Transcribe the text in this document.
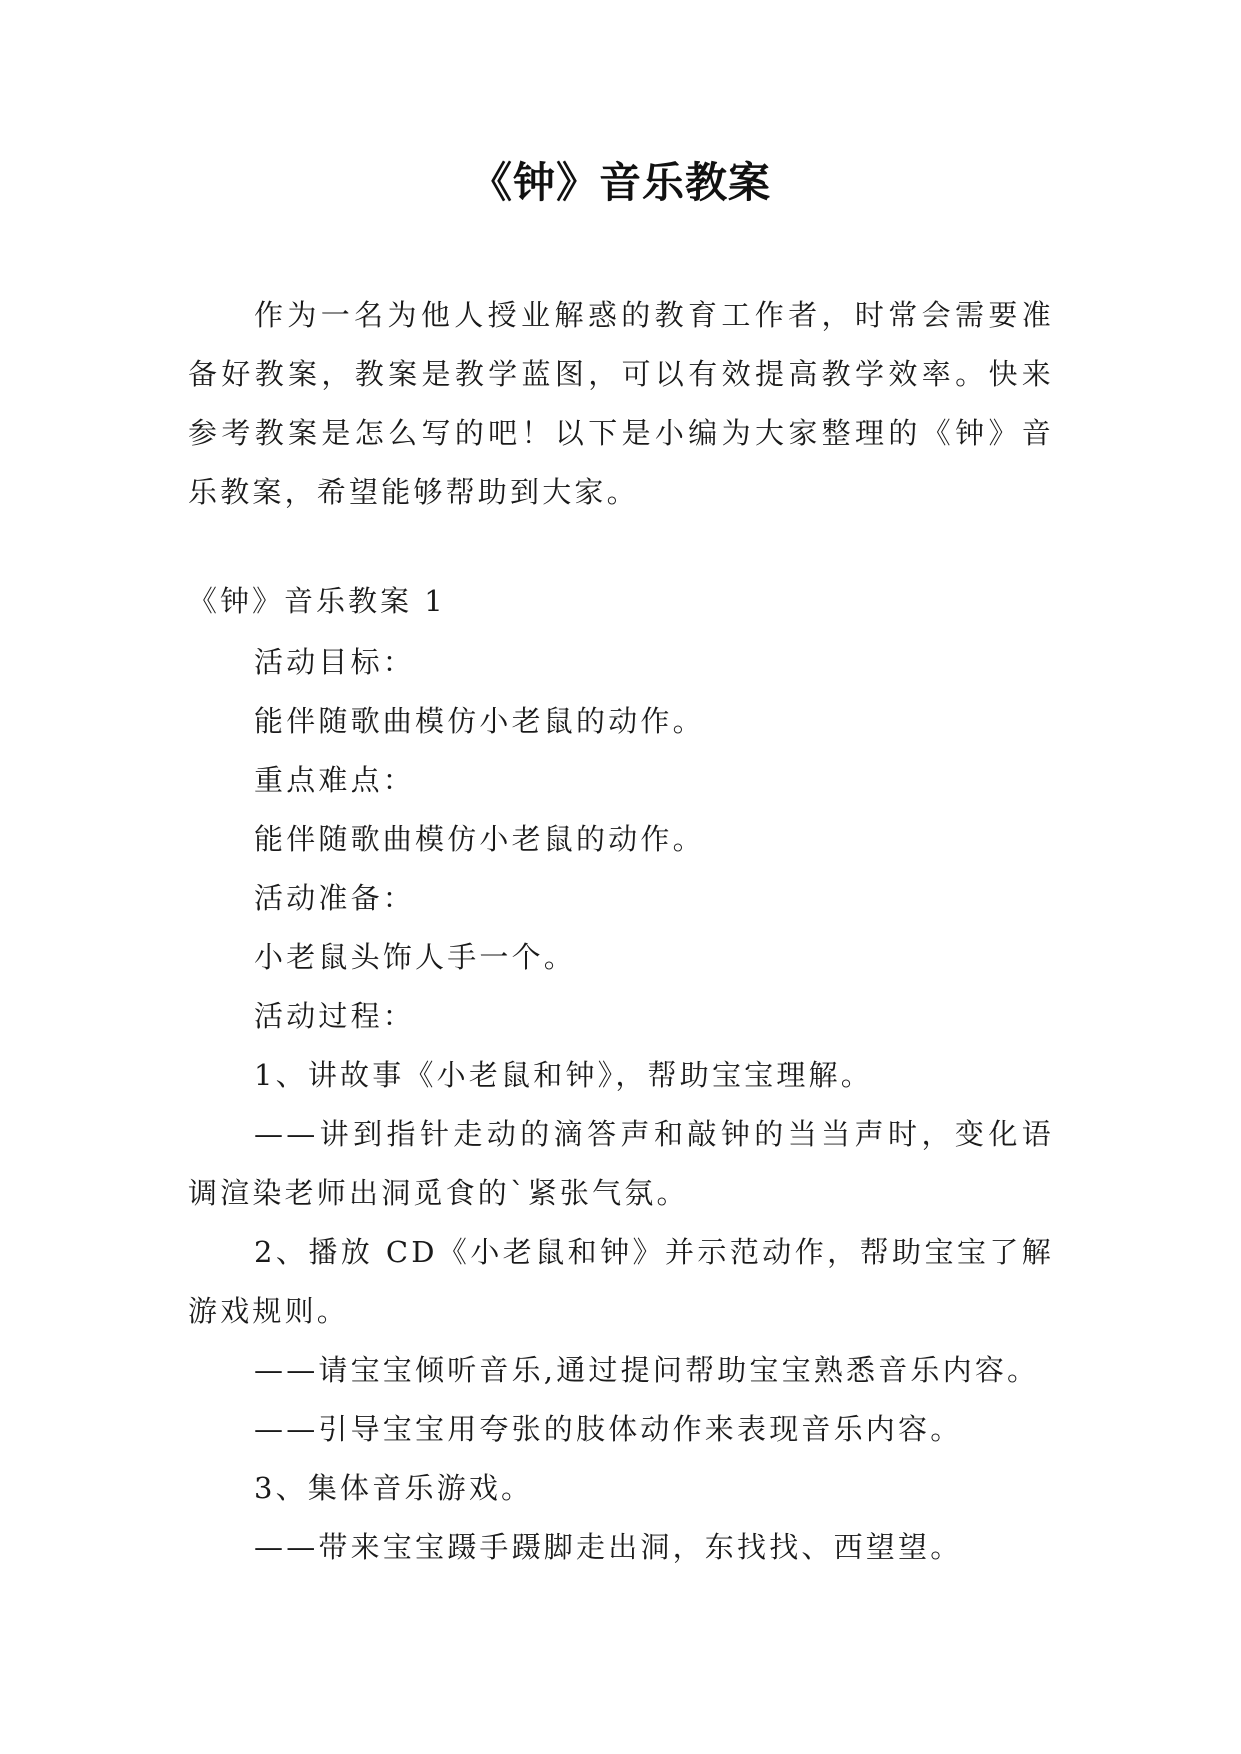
《钟》音乐教案

作为一名为他人授业解惑的教育工作者，时常会需要准备好教案，教案是教学蓝图，可以有效提高教学效率。快来参考教案是怎么写的吧！以下是小编为大家整理的《钟》音乐教案，希望能够帮助到大家。

《钟》音乐教案 1

活动目标：

能伴随歌曲模仿小老鼠的动作。

重点难点：

能伴随歌曲模仿小老鼠的动作。

活动准备：

小老鼠头饰人手一个。

活动过程：

1、讲故事《小老鼠和钟》，帮助宝宝理解。

——讲到指针走动的滴答声和敲钟的当当声时，变化语调渲染老师出洞觅食的`紧张气氛。

2、播放 CD《小老鼠和钟》并示范动作，帮助宝宝了解游戏规则。

——请宝宝倾听音乐,通过提问帮助宝宝熟悉音乐内容。

——引导宝宝用夸张的肢体动作来表现音乐内容。

3、集体音乐游戏。

——带来宝宝蹑手蹑脚走出洞，东找找、西望望。
